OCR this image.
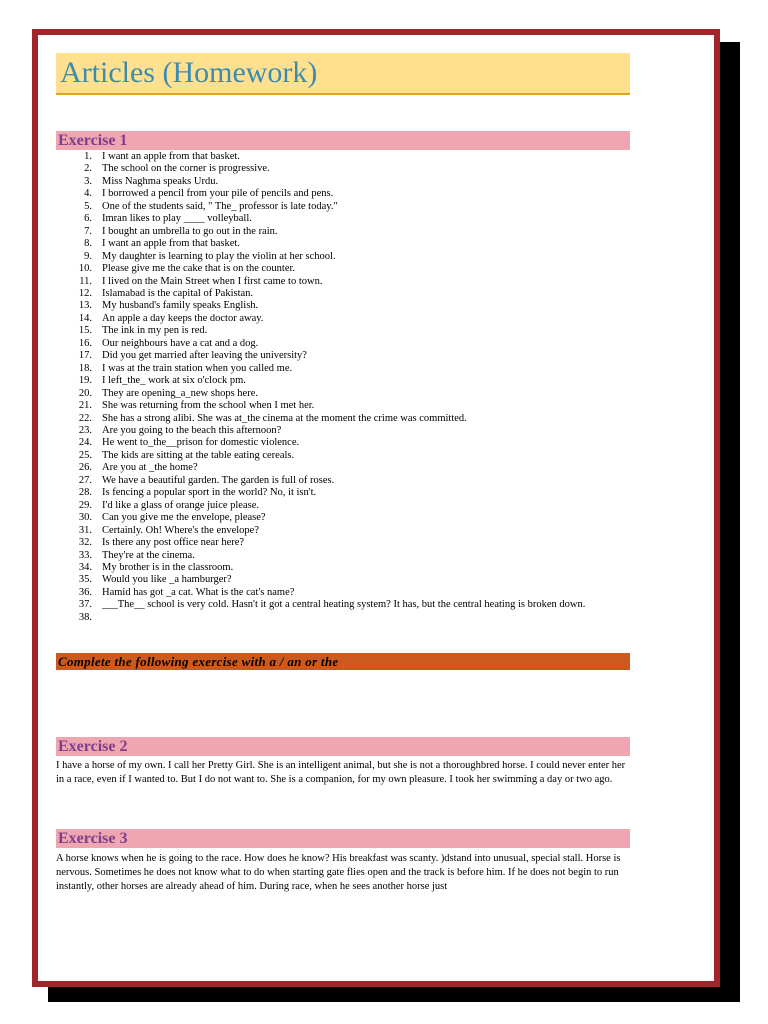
Articles (Homework)
Exercise 1
1. I want an apple from that basket.
2. The school on the corner is progressive.
3. Miss Naghma speaks Urdu.
4. I borrowed a pencil from your pile of pencils and pens.
5. One of the students said, " The_ professor is late today."
6. Imran likes to play ____ volleyball.
7. I bought an umbrella to go out in the rain.
8. I want an apple from that basket.
9. My daughter is learning to play the violin at her school.
10. Please give me the cake that is on the counter.
11. I lived on the Main Street when I first came to town.
12. Islamabad is the capital of Pakistan.
13. My husband's family speaks English.
14. An apple a day keeps the doctor away.
15. The ink in my pen is red.
16. Our neighbours have a cat and a dog.
17. Did you get married after leaving the university?
18. I was at the train station when you called me.
19. I left_the_ work at six o'clock pm.
20. They are opening_a_new shops here.
21. She was returning from the school when I met her.
22. She has a strong alibi. She was at_the cinema at the moment the crime was committed.
23. Are you going to the beach this afternoon?
24. He went to_the__prison for domestic violence.
25. The kids are sitting at the table eating cereals.
26. Are you at _the home?
27. We have a beautiful garden. The garden is full of roses.
28. Is fencing a popular sport in the world? No, it isn't.
29. I'd like a glass of orange juice please.
30. Can you give me the envelope, please?
31. Certainly. Oh! Where's the envelope?
32. Is there any post office near here?
33. They're at the cinema.
34. My brother is in the classroom.
35. Would you like _a hamburger?
36. Hamid has got _a cat. What is the cat's name?
37. ___The__ school is very cold. Hasn't it got a central heating system? It has, but the central heating is broken down.
38.
Complete the following exercise with a / an or the
Exercise 2
I have a horse of my own. I call her Pretty Girl. She is an intelligent animal, but she is not a thoroughbred horse. I could never enter her in a race, even if I wanted to. But I do not want to. She is a companion, for my own pleasure. I took her swimming a day or two ago.
Exercise 3
A horse knows when he is going to the race. How does he know? His breakfast was scanty. )dstand into unusual, special stall. Horse is nervous. Sometimes he does not know what to do when starting gate flies open and the track is before him. If he does not begin to run instantly, other horses are already ahead of him. During race, when he sees another horse just
